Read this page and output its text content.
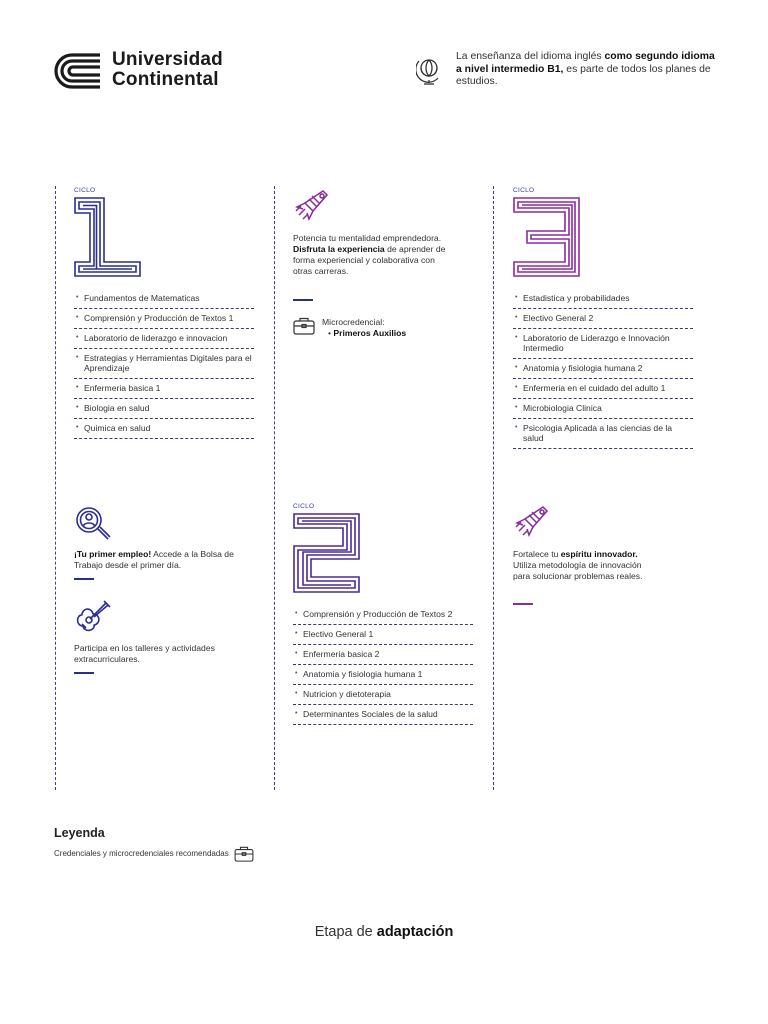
Universidad
Continental
La enseñanza del idioma inglés como segundo idioma a nivel intermedio B1, es parte de todos los planes de estudios.
CICLO
• Fundamentos de Matematicas
• Comprensión y Producción de Textos 1
• Laboratorio de liderazgo e innovacion
• Estrategias y Herramientas Digitales para el Aprendizaje
• Enfermeria basica 1
• Biologia en salud
• Quimica en salud
Potencia tu mentalidad emprendedora. Disfruta la experiencia de aprender de forma experiencial y colaborativa con otras carreras.
Microcredencial:
• Primeros Auxilios
CICLO
• Estadistica y probabilidades
• Electivo General 2
• Laboratorio de Liderazgo e Innovación Intermedio
• Anatomia y fisiologia humana 2
• Enfermeria en el cuidado del adulto 1
• Microbiologia Clinica
• Psicologia Aplicada a las ciencias de la salud
¡Tu primer empleo! Accede a la Bolsa de Trabajo desde el primer día.
Participa en los talleres y actividades extracurriculares.
CICLO
• Comprensión y Producción de Textos 2
• Electivo General 1
• Enfermeria basica 2
• Anatomia y fisiologia humana 1
• Nutricion y dietoterapia
• Determinantes Sociales de la salud
Fortalece tu espíritu innovador. Utiliza metodología de innovación para solucionar problemas reales.
Leyenda
Credenciales y microcredenciales recomendadas
Etapa de adaptación
